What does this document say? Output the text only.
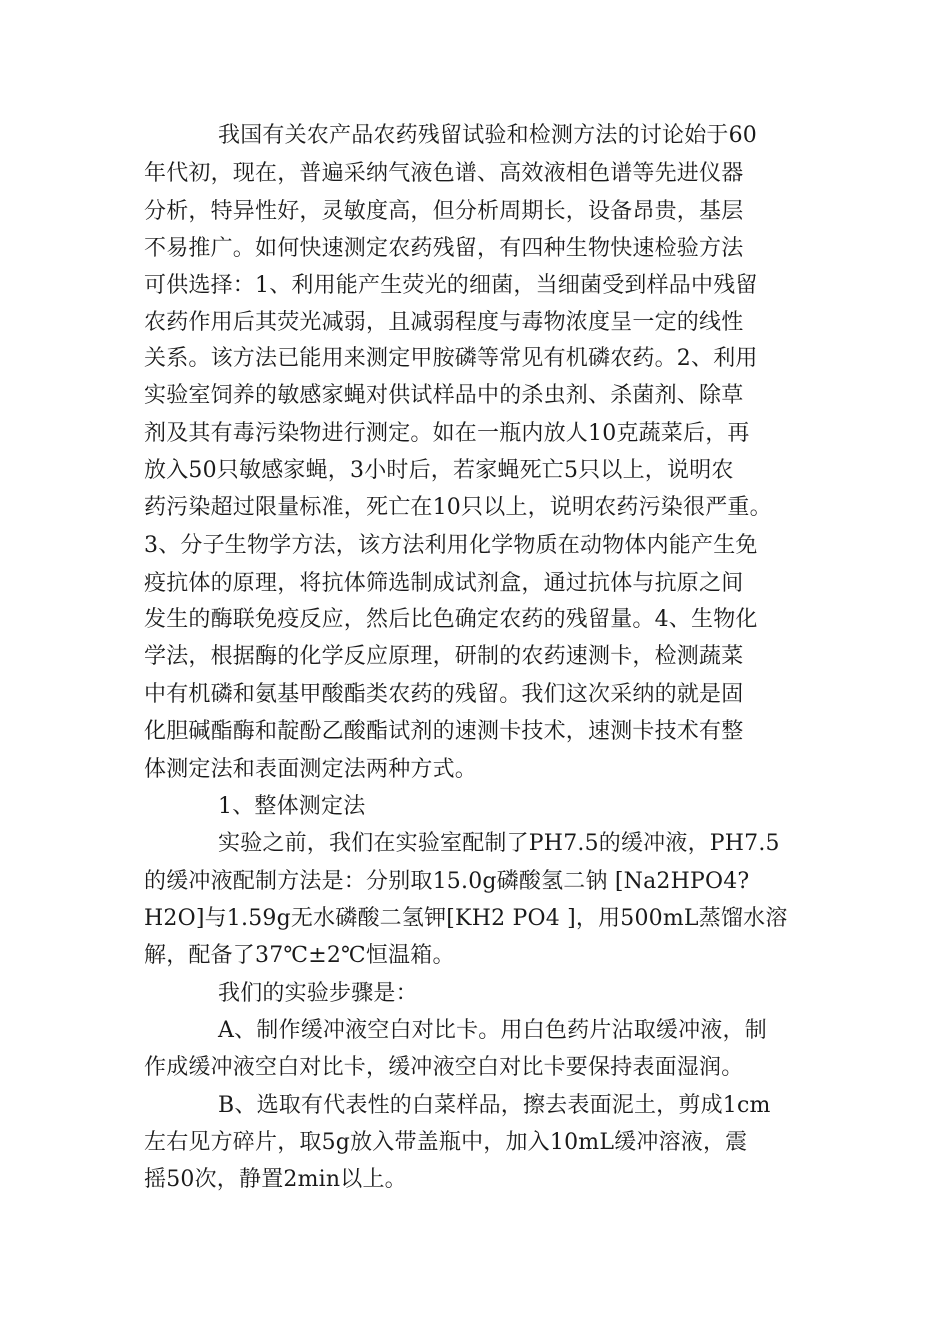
我国有关农产品农药残留试验和检测方法的讨论始于60
年代初，现在，普遍采纳气液色谱、高效液相色谱等先进仪器
分析，特异性好，灵敏度高，但分析周期长，设备昂贵，基层
不易推广。如何快速测定农药残留，有四种生物快速检验方法
可供选择：1、利用能产生荧光的细菌，当细菌受到样品中残留
农药作用后其荧光减弱，且减弱程度与毒物浓度呈一定的线性
关系。该方法已能用来测定甲胺磷等常见有机磷农药。2、利用
实验室饲养的敏感家蝇对供试样品中的杀虫剂、杀菌剂、除草
剂及其有毒污染物进行测定。如在一瓶内放人10克蔬菜后，再
放入50只敏感家蝇，3小时后，若家蝇死亡5只以上，说明农
药污染超过限量标准，死亡在10只以上，说明农药污染很严重。
3、分子生物学方法，该方法利用化学物质在动物体内能产生免
疫抗体的原理，将抗体筛选制成试剂盒，通过抗体与抗原之间
发生的酶联免疫反应，然后比色确定农药的残留量。4、生物化
学法，根据酶的化学反应原理，研制的农药速测卡，检测蔬菜
中有机磷和氨基甲酸酯类农药的残留。我们这次采纳的就是固
化胆碱酯酶和靛酚乙酸酯试剂的速测卡技术，速测卡技术有整
体测定法和表面测定法两种方式。
1、整体测定法
实验之前，我们在实验室配制了PH7.5的缓冲液，PH7.5
的缓冲液配制方法是：分别取15.0g磷酸氢二钠 [Na2HPO4?
H2O]与1.59g无水磷酸二氢钾[KH2 PO4 ]，用500mL蒸馏水溶
解，配备了37℃±2℃恒温箱。
我们的实验步骤是：
A、制作缓冲液空白对比卡。用白色药片沾取缓冲液，制
作成缓冲液空白对比卡，缓冲液空白对比卡要保持表面湿润。
B、选取有代表性的白菜样品，擦去表面泥土，剪成1cm
左右见方碎片，取5g放入带盖瓶中，加入10mL缓冲溶液，震
摇50次，静置2min以上。
